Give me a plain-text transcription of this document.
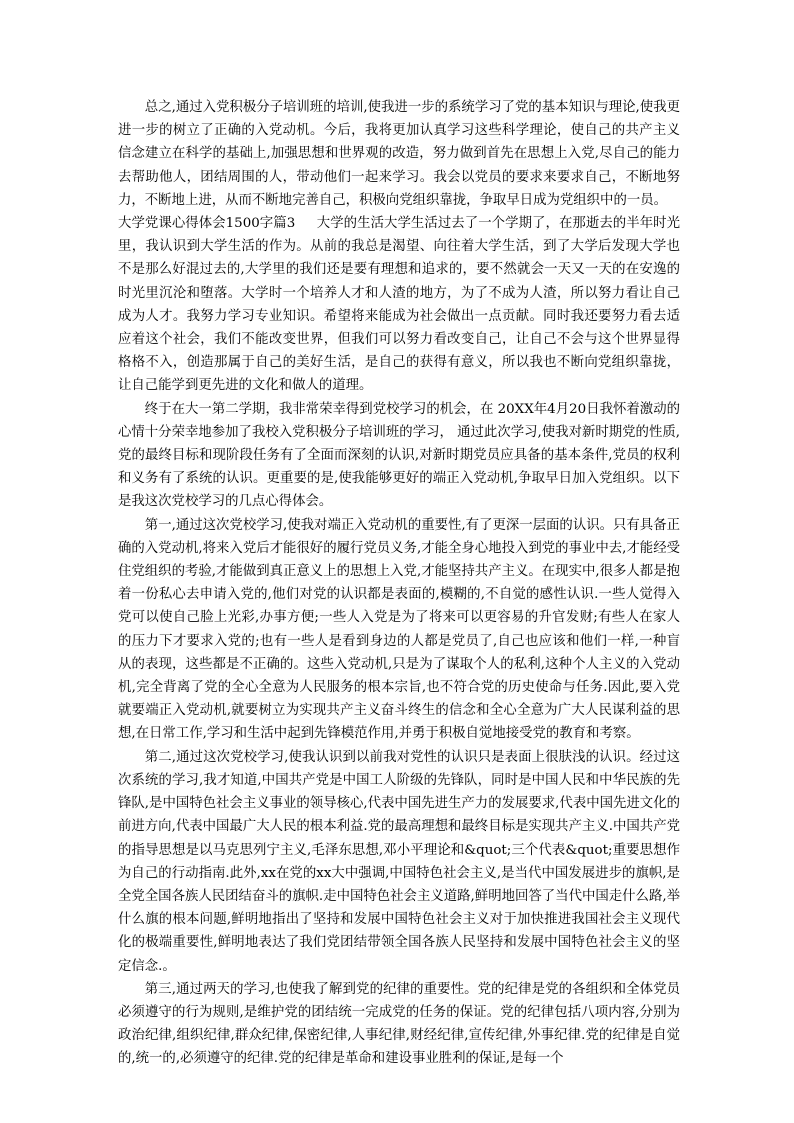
总之,通过入党积极分子培训班的培训,使我进一步的系统学习了党的基本知识与理论,使我更进一步的树立了正确的入党动机。今后，我将更加认真学习这些科学理论，使自己的共产主义信念建立在科学的基础上,加强思想和世界观的改造，努力做到首先在思想上入党,尽自己的能力去帮助他人，团结周围的人，带动他们一起来学习。我会以党员的要求来要求自己，不断地努力，不断地上进，从而不断地完善自己，积极向党组织靠拢，争取早日成为党组织中的一员。

大学党课心得体会1500字篇3 大学的生活大学生活过去了一个学期了，在那逝去的半年时光里，我认识到大学生活的作为。从前的我总是渴望、向往着大学生活，到了大学后发现大学也不是那么好混过去的,大学里的我们还是要有理想和追求的，要不然就会一天又一天的在安逸的时光里沉沦和堕落。大学时一个培养人才和人渣的地方，为了不成为人渣，所以努力看让自己成为人才。我努力学习专业知识。希望将来能成为社会做出一点贡献。同时我还要努力看去适应着这个社会，我们不能改变世界，但我们可以努力看改变自己，让自己不会与这个世界显得格格不入，创造那属于自己的美好生活，是自己的获得有意义，所以我也不断向党组织靠拢，让自己能学到更先进的文化和做人的道理。

终于在大一第二学期，我非常荣幸得到党校学习的机会，在 20XX年4月20日我怀着激动的心情十分荣幸地参加了我校入党积极分子培训班的学习， 通过此次学习,使我对新时期党的性质,党的最终目标和现阶段任务有了全面而深刻的认识,对新时期党员应具备的基本条件,党员的权利和义务有了系统的认识。更重要的是,使我能够更好的端正入党动机,争取早日加入党组织。以下是我这次党校学习的几点心得体会。

第一,通过这次党校学习,使我对端正入党动机的重要性,有了更深一层面的认识。只有具备正确的入党动机,将来入党后才能很好的履行党员义务,才能全身心地投入到党的事业中去,才能经受住党组织的考验,才能做到真正意义上的思想上入党,才能坚持共产主义。在现实中,很多人都是抱着一份私心去申请入党的,他们对党的认识都是表面的,模糊的,不自觉的感性认识.一些人觉得入党可以使自己脸上光彩,办事方便;一些人入党是为了将来可以更容易的升官发财;有些人在家人的压力下才要求入党的;也有一些人是看到身边的人都是党员了,自己也应该和他们一样,一种盲从的表现，这些都是不正确的。这些入党动机,只是为了谋取个人的私利,这种个人主义的入党动机,完全背离了党的全心全意为人民服务的根本宗旨,也不符合党的历史使命与任务.因此,要入党就要端正入党动机,就要树立为实现共产主义奋斗终生的信念和全心全意为广大人民谋利益的思想,在日常工作,学习和生活中起到先锋模范作用,并勇于积极自觉地接受党的教育和考察。

第二,通过这次党校学习,使我认识到以前我对党性的认识只是表面上很肤浅的认识。经过这次系统的学习,我才知道,中国共产党是中国工人阶级的先锋队，同时是中国人民和中华民族的先锋队,是中国特色社会主义事业的领导核心,代表中国先进生产力的发展要求,代表中国先进文化的前进方向,代表中国最广大人民的根本利益.党的最高理想和最终目标是实现共产主义.中国共产党的指导思想是以马克思列宁主义,毛泽东思想,邓小平理论和&quot;三个代表&quot;重要思想作为自己的行动指南.此外,xx在党的xx大中强调,中国特色社会主义,是当代中国发展进步的旗帜,是全党全国各族人民团结奋斗的旗帜.走中国特色社会主义道路,鲜明地回答了当代中国走什么路,举什么旗的根本问题,鲜明地指出了坚持和发展中国特色社会主义对于加快推进我国社会主义现代化的极端重要性,鲜明地表达了我们党团结带领全国各族人民坚持和发展中国特色社会主义的坚定信念.。

第三,通过两天的学习,也使我了解到党的纪律的重要性。党的纪律是党的各组织和全体党员必须遵守的行为规则,是维护党的团结统一完成党的任务的保证。党的纪律包括八项内容,分别为政治纪律,组织纪律,群众纪律,保密纪律,人事纪律,财经纪律,宣传纪律,外事纪律.党的纪律是自觉的,统一的,必须遵守的纪律.党的纪律是革命和建设事业胜利的保证,是每一个
